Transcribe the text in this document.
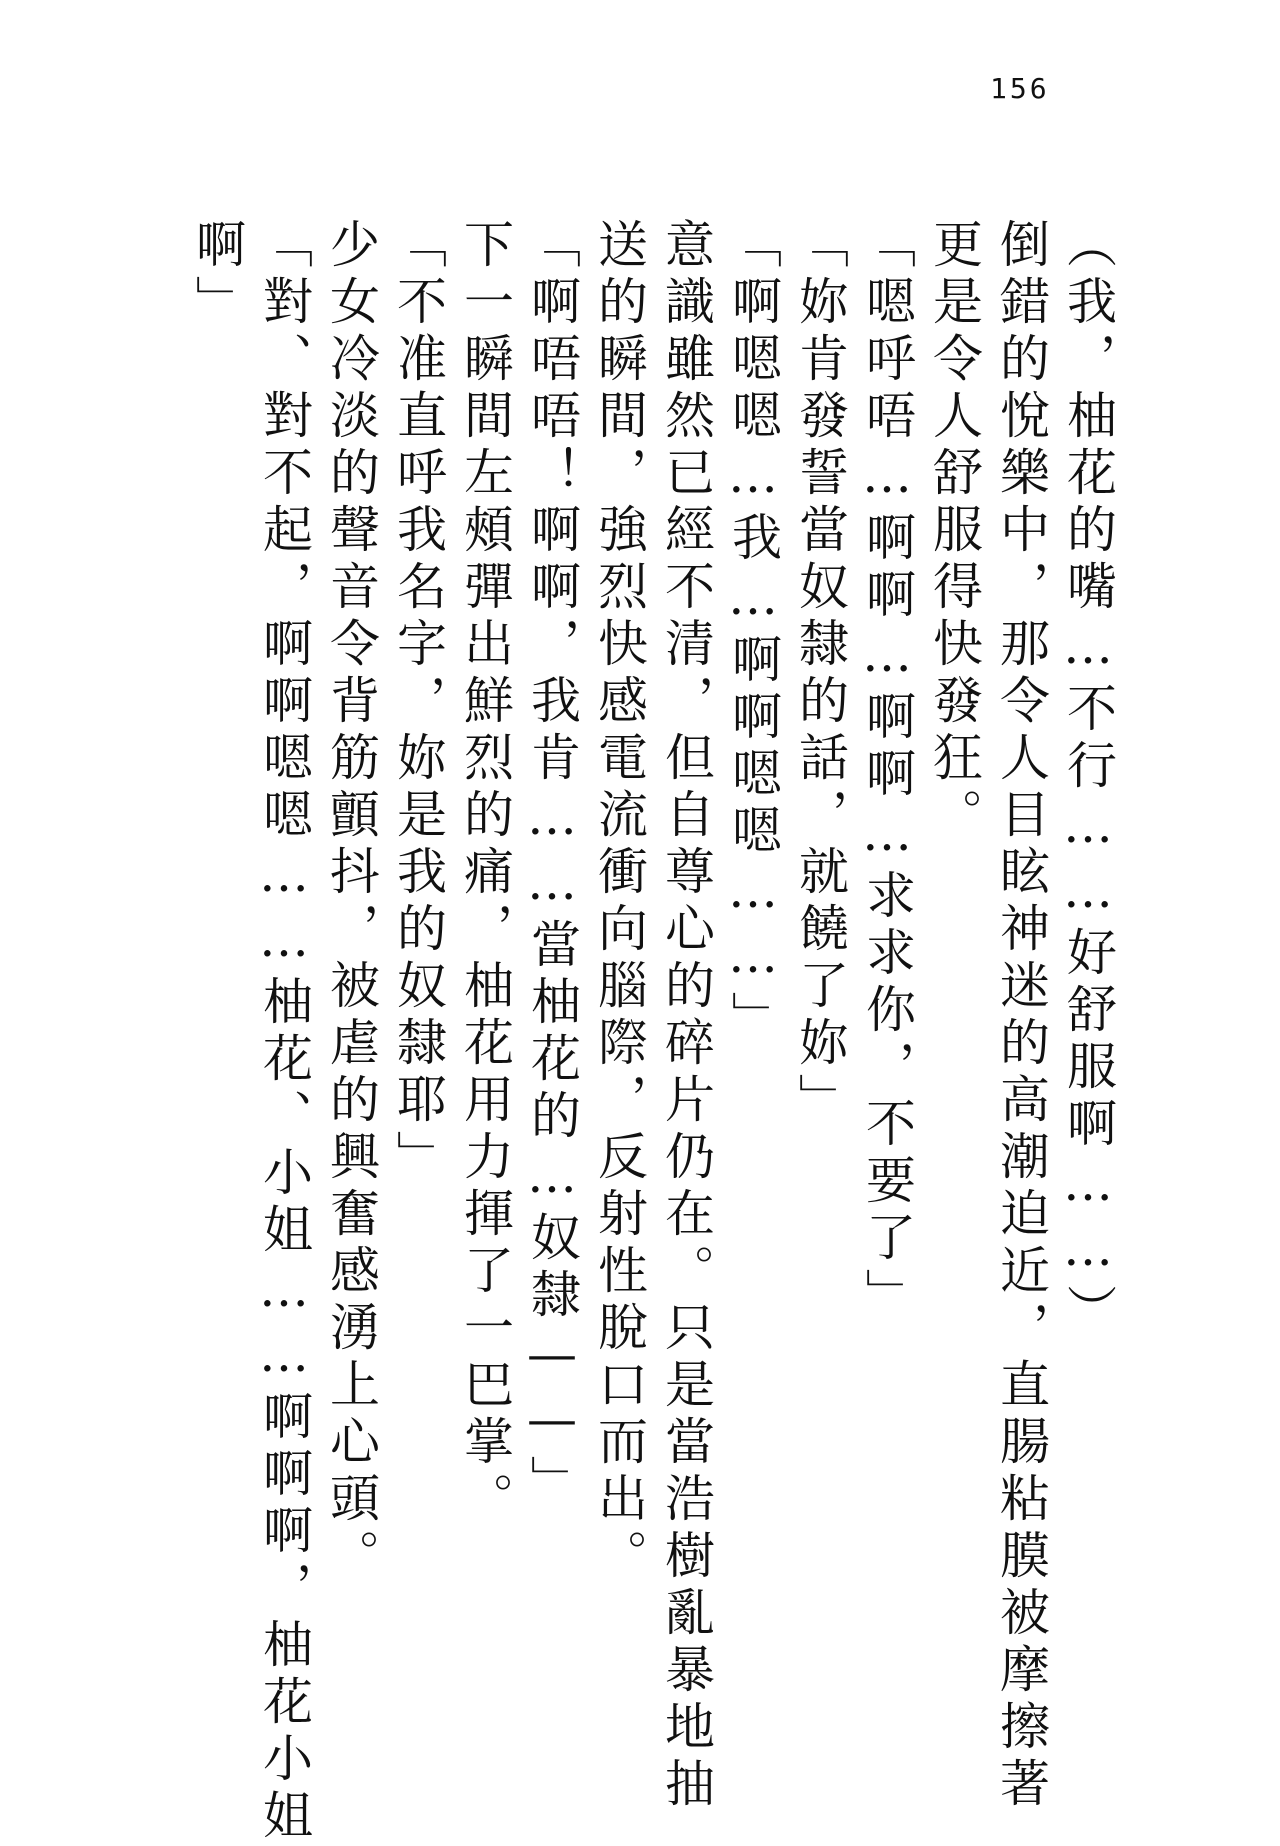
156
（我，柚花的嘴…不行……好舒服啊……）
倒錯的悅樂中，那令人目眩神迷的高潮迫近，直腸粘膜被摩擦著
更是令人舒服得快發狂。
「嗯呼唔…啊啊…啊啊…求求你，不要了」
「妳肯發誓當奴隸的話，就饒了妳」
「啊嗯嗯…我…啊啊嗯嗯……」
意識雖然已經不清，但自尊心的碎片仍在。只是當浩樹亂暴地抽
送的瞬間，強烈快感電流衝向腦際，反射性脫口而出。
「啊唔唔！啊啊，我肯……當柚花的…奴隸——」
下一瞬間左頰彈出鮮烈的痛，柚花用力揮了一巴掌。
「不准直呼我名字，妳是我的奴隸耶」
少女冷淡的聲音令背筋顫抖，被虐的興奮感湧上心頭。
「對、對不起，啊啊嗯嗯……柚花、小姐……啊啊啊，柚花小姐
啊」
